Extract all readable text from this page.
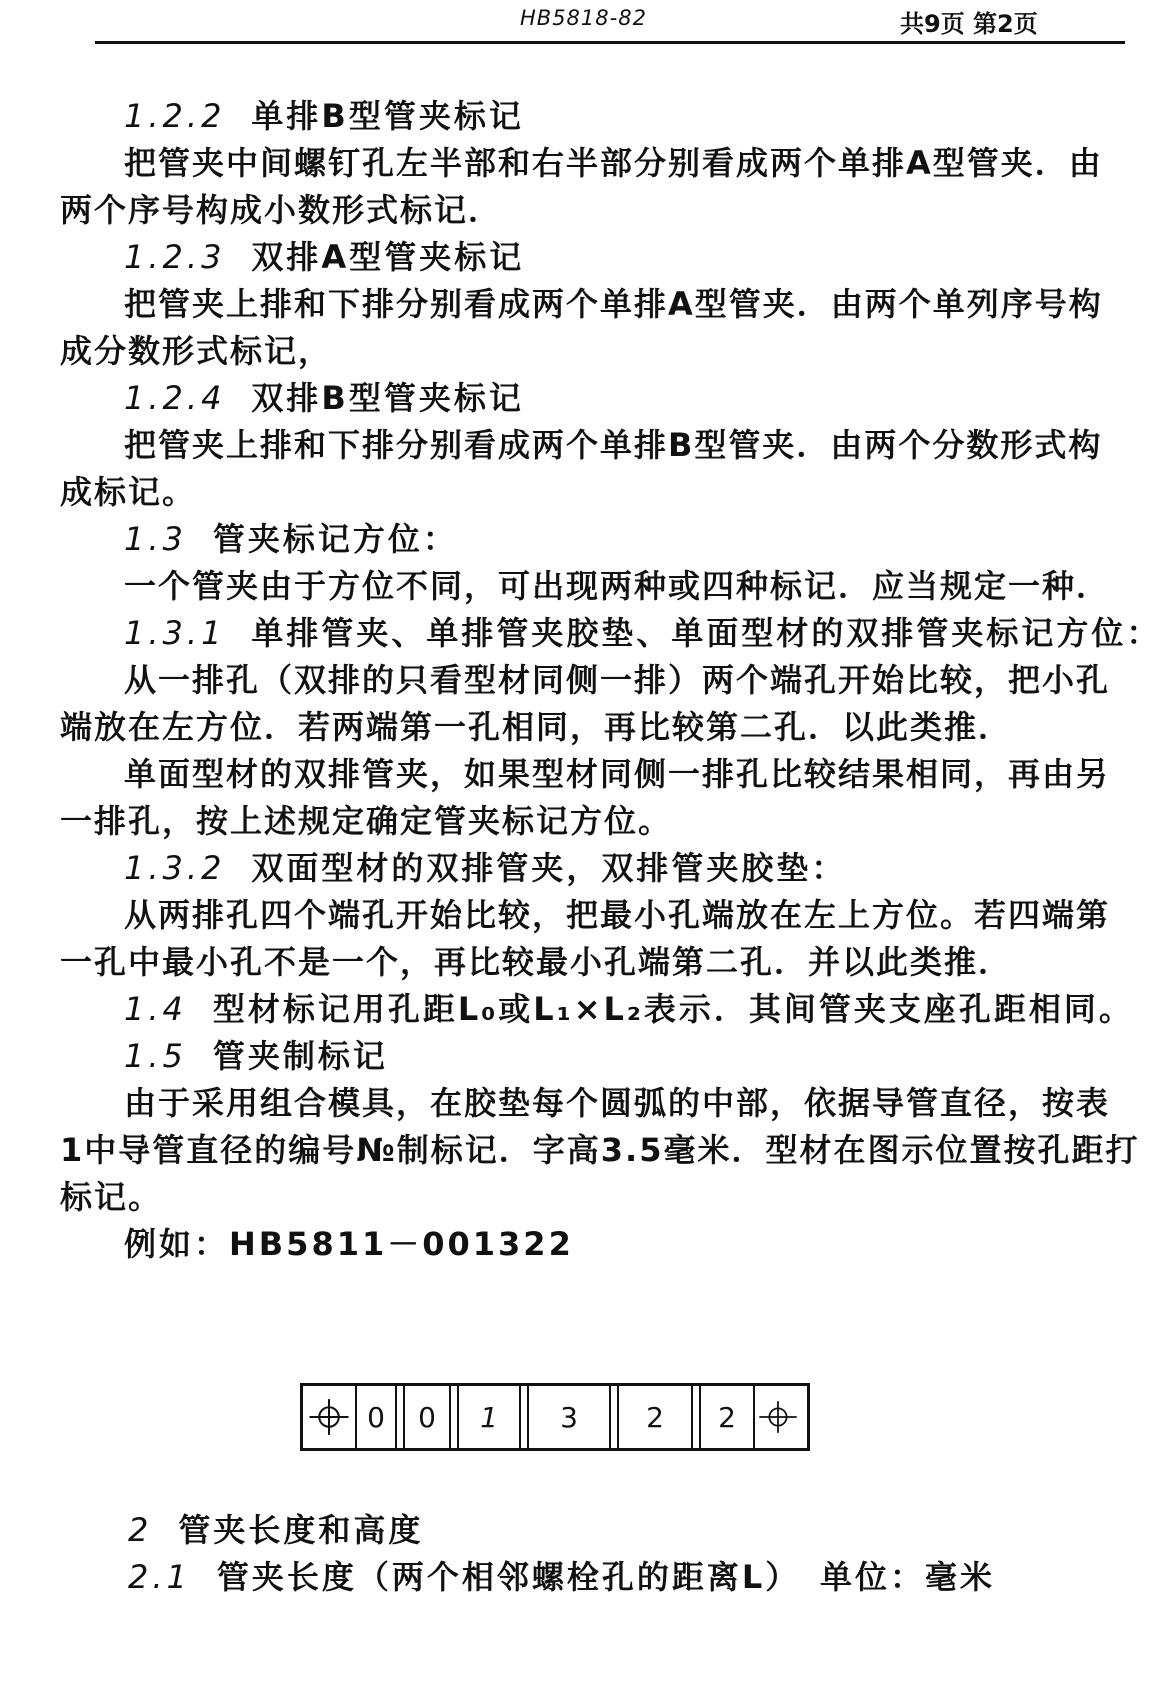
HB5818-82	共9页 第2页
1.2.2 单排B型管夹标记
把管夹中间螺钉孔左半部和右半部分别看成两个单排A型管夹．由
两个序号构成小数形式标记．
1.2.3 双排A型管夹标记
把管夹上排和下排分别看成两个单排A型管夹．由两个单列序号构
成分数形式标记，
1.2.4 双排B型管夹标记
把管夹上排和下排分别看成两个单排B型管夹．由两个分数形式构
成标记。
1.3 管夹标记方位：
一个管夹由于方位不同，可出现两种或四种标记．应当规定一种．
1.3.1 单排管夹、单排管夹胶垫、单面型材的双排管夹标记方位：
从一排孔（双排的只看型材同侧一排）两个端孔开始比较，把小孔
端放在左方位．若两端第一孔相同，再比较第二孔．以此类推．
单面型材的双排管夹，如果型材同侧一排孔比较结果相同，再由另
一排孔，按上述规定确定管夹标记方位。
1.3.2 双面型材的双排管夹，双排管夹胶垫：
从两排孔四个端孔开始比较，把最小孔端放在左上方位。若四端第
一孔中最小孔不是一个，再比较最小孔端第二孔．并以此类推．
1.4 型材标记用孔距L₀或L₁×L₂表示．其间管夹支座孔距相同。
1.5 管夹制标记
由于采用组合模具，在胶垫每个圆弧的中部，依据导管直径，按表
1中导管直径的编号№制标记．字高3.5毫米．型材在图示位置按孔距打
标记。
例如：HB5811－001322
0	0	1	3	2	2
2 管夹长度和高度
2.1 管夹长度（两个相邻螺栓孔的距离L） 单位：毫米
